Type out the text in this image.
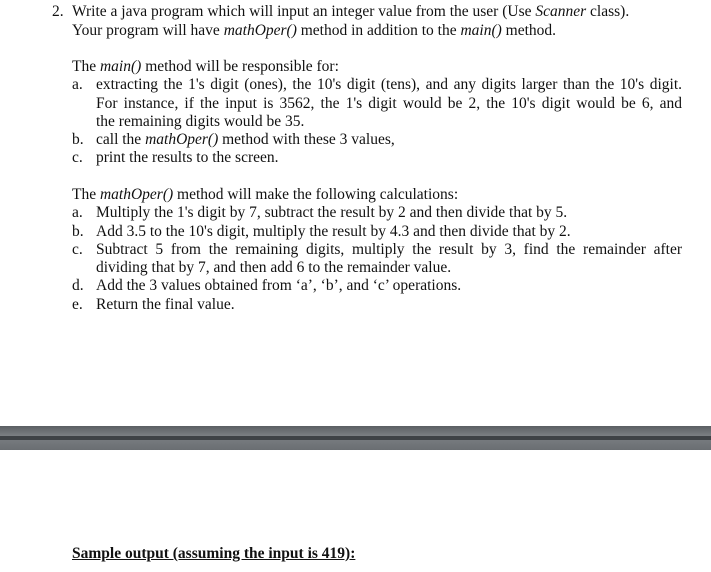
2. Write a java program which will input an integer value from the user (Use Scanner class).
Your program will have mathOper() method in addition to the main() method.
The main() method will be responsible for:
a. extracting the 1's digit (ones), the 10's digit (tens), and any digits larger than the 10's digit.
For instance, if the input is 3562, the 1's digit would be 2, the 10's digit would be 6, and
the remaining digits would be 35.
b. call the mathOper() method with these 3 values,
c. print the results to the screen.
The mathOper() method will make the following calculations:
a. Multiply the 1's digit by 7, subtract the result by 2 and then divide that by 5.
b. Add 3.5 to the 10's digit, multiply the result by 4.3 and then divide that by 2.
c. Subtract 5 from the remaining digits, multiply the result by 3, find the remainder after
dividing that by 7, and then add 6 to the remainder value.
d. Add the 3 values obtained from ‘a’, ‘b’, and ‘c’ operations.
e. Return the final value.
Sample output (assuming the input is 419):
